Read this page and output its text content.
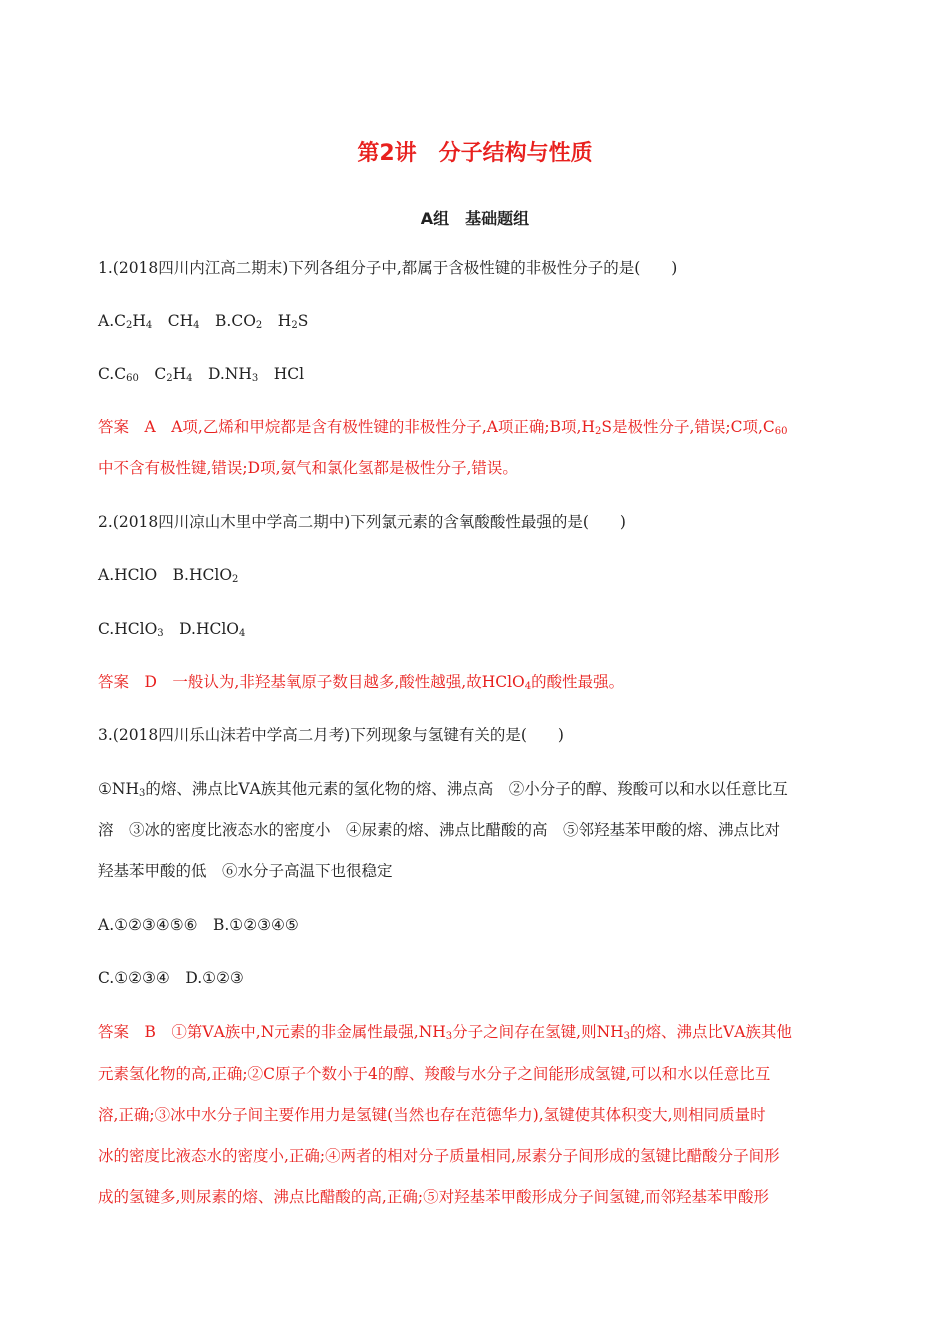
第2讲　分子结构与性质
A组　基础题组
1.(2018四川内江高二期末)下列各组分子中,都属于含极性键的非极性分子的是(　　)
$A.C_2H_4$　$CH_4$　$B.CO_2$　$H_2S$
$C.C_{60}$　$C_2H_4$　$D.NH_3$　HCl
答案　A　A项,乙烯和甲烷都是含有极性键的非极性分子,A项正确;B项$,H_2S$是极性分子,错误;C项$,C_{60}$
中不含有极性键,错误;D项,氨气和氯化氢都是极性分子,错误。
2.(2018四川凉山木里中学高二期中)下列氯元素的含氧酸酸性最强的是(　　)
A.HClO　B.HClO$_2$
C.HClO$_3$　D.HClO$_4$
答案　D　一般认为,非羟基氧原子数目越多,酸性越强,故HClO$_4$的酸性最强。
3.(2018四川乐山沫若中学高二月考)下列现象与氢键有关的是(　　)
$①NH_3$的熔、沸点比ⅤA族其他元素的氢化物的熔、沸点高　②小分子的醇、羧酸可以和水以任意比互
溶　③冰的密度比液态水的密度小　④尿素的熔、沸点比醋酸的高　⑤邻羟基苯甲酸的熔、沸点比对
羟基苯甲酸的低　⑥水分子高温下也很稳定
A.①②③④⑤⑥　B.①②③④⑤
C.①②③④　D.①②③
答案　B　①第ⅤA族中,N元素的非金属性最强$,NH_3$分子之间存在氢键,则$NH_3$的熔、沸点比ⅤA族其他
元素氢化物的高,正确;②C原子个数小于4的醇、羧酸与水分子之间能形成氢键,可以和水以任意比互
溶,正确;③冰中水分子间主要作用力是氢键(当然也存在范德华力),氢键使其体积变大,则相同质量时
冰的密度比液态水的密度小,正确;④两者的相对分子质量相同,尿素分子间形成的氢键比醋酸分子间形
成的氢键多,则尿素的熔、沸点比醋酸的高,正确;⑤对羟基苯甲酸形成分子间氢键,而邻羟基苯甲酸形
